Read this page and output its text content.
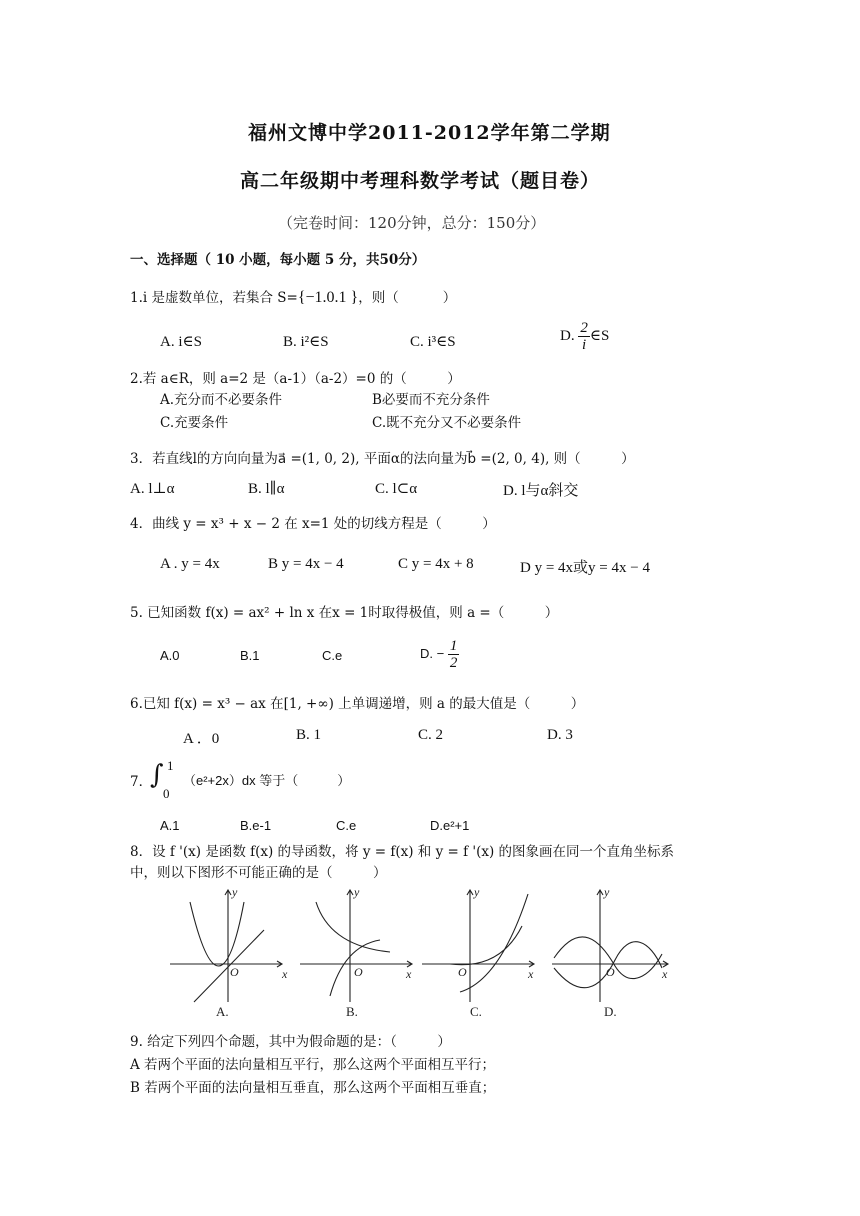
福州文博中学2011-2012学年第二学期
高二年级期中考理科数学考试（题目卷）
（完卷时间：120分钟，总分：150分）
一、选择题（ 10 小题，每小题 5 分，共50分）
1.i 是虚数单位，若集合 S={−1.0.1 }，则（	）
A. i∈S	B. i²∈S	C. i³∈S	D. $\frac{2}{i}$ ∈S
2.若 a∈R，则 a=2 是（a-1）（a-2）=0 的（　　　）
A.充分而不必要条件	B必要而不充分条件
C.充要条件	C.既不充分又不必要条件
3．若直线l的方向向量为a⃗ =(1, 0, 2), 平面α的法向量为b⃗ =(2, 0, 4), 则（　　　）
A. l⊥α	B. l∥α	C. l⊂α	D. l与α斜交
4．曲线 y = x³ + x − 2 在 x=1 处的切线方程是（　　　）
A . y = 4x	B y = 4x − 4	C y = 4x + 8	D y = 4x或y = 4x − 4
5. 已知函数 f(x) = ax² + ln x 在x = 1时取得极值，则 a =（　　　）
A.0	B.1	C.e	D. − $\frac{1}{2}$
6.已知 f(x) = x³ − ax 在[1, +∞) 上单调递增，则 a 的最大值是（　　　）
A ．0	B. 1	C. 2	D. 3
7．
∫ 1
0
（e²+2x）dx 等于（　　　）
A.1	B.e-1	C.e	D.e²+1
8．设 f '(x) 是函数 f(x) 的导函数，将 y = f(x) 和 y = f '(x) 的图象画在同一个直角坐标系
中，则以下图形不可能正确的是（　　　）
y
x
O
y
x
O
y
x
O
y
x
O
A.	B.	C.	D.
9. 给定下列四个命题，其中为假命题的是：（　　　）
A 若两个平面的法向量相互平行，那么这两个平面相互平行；
B 若两个平面的法向量相互垂直，那么这两个平面相互垂直；
